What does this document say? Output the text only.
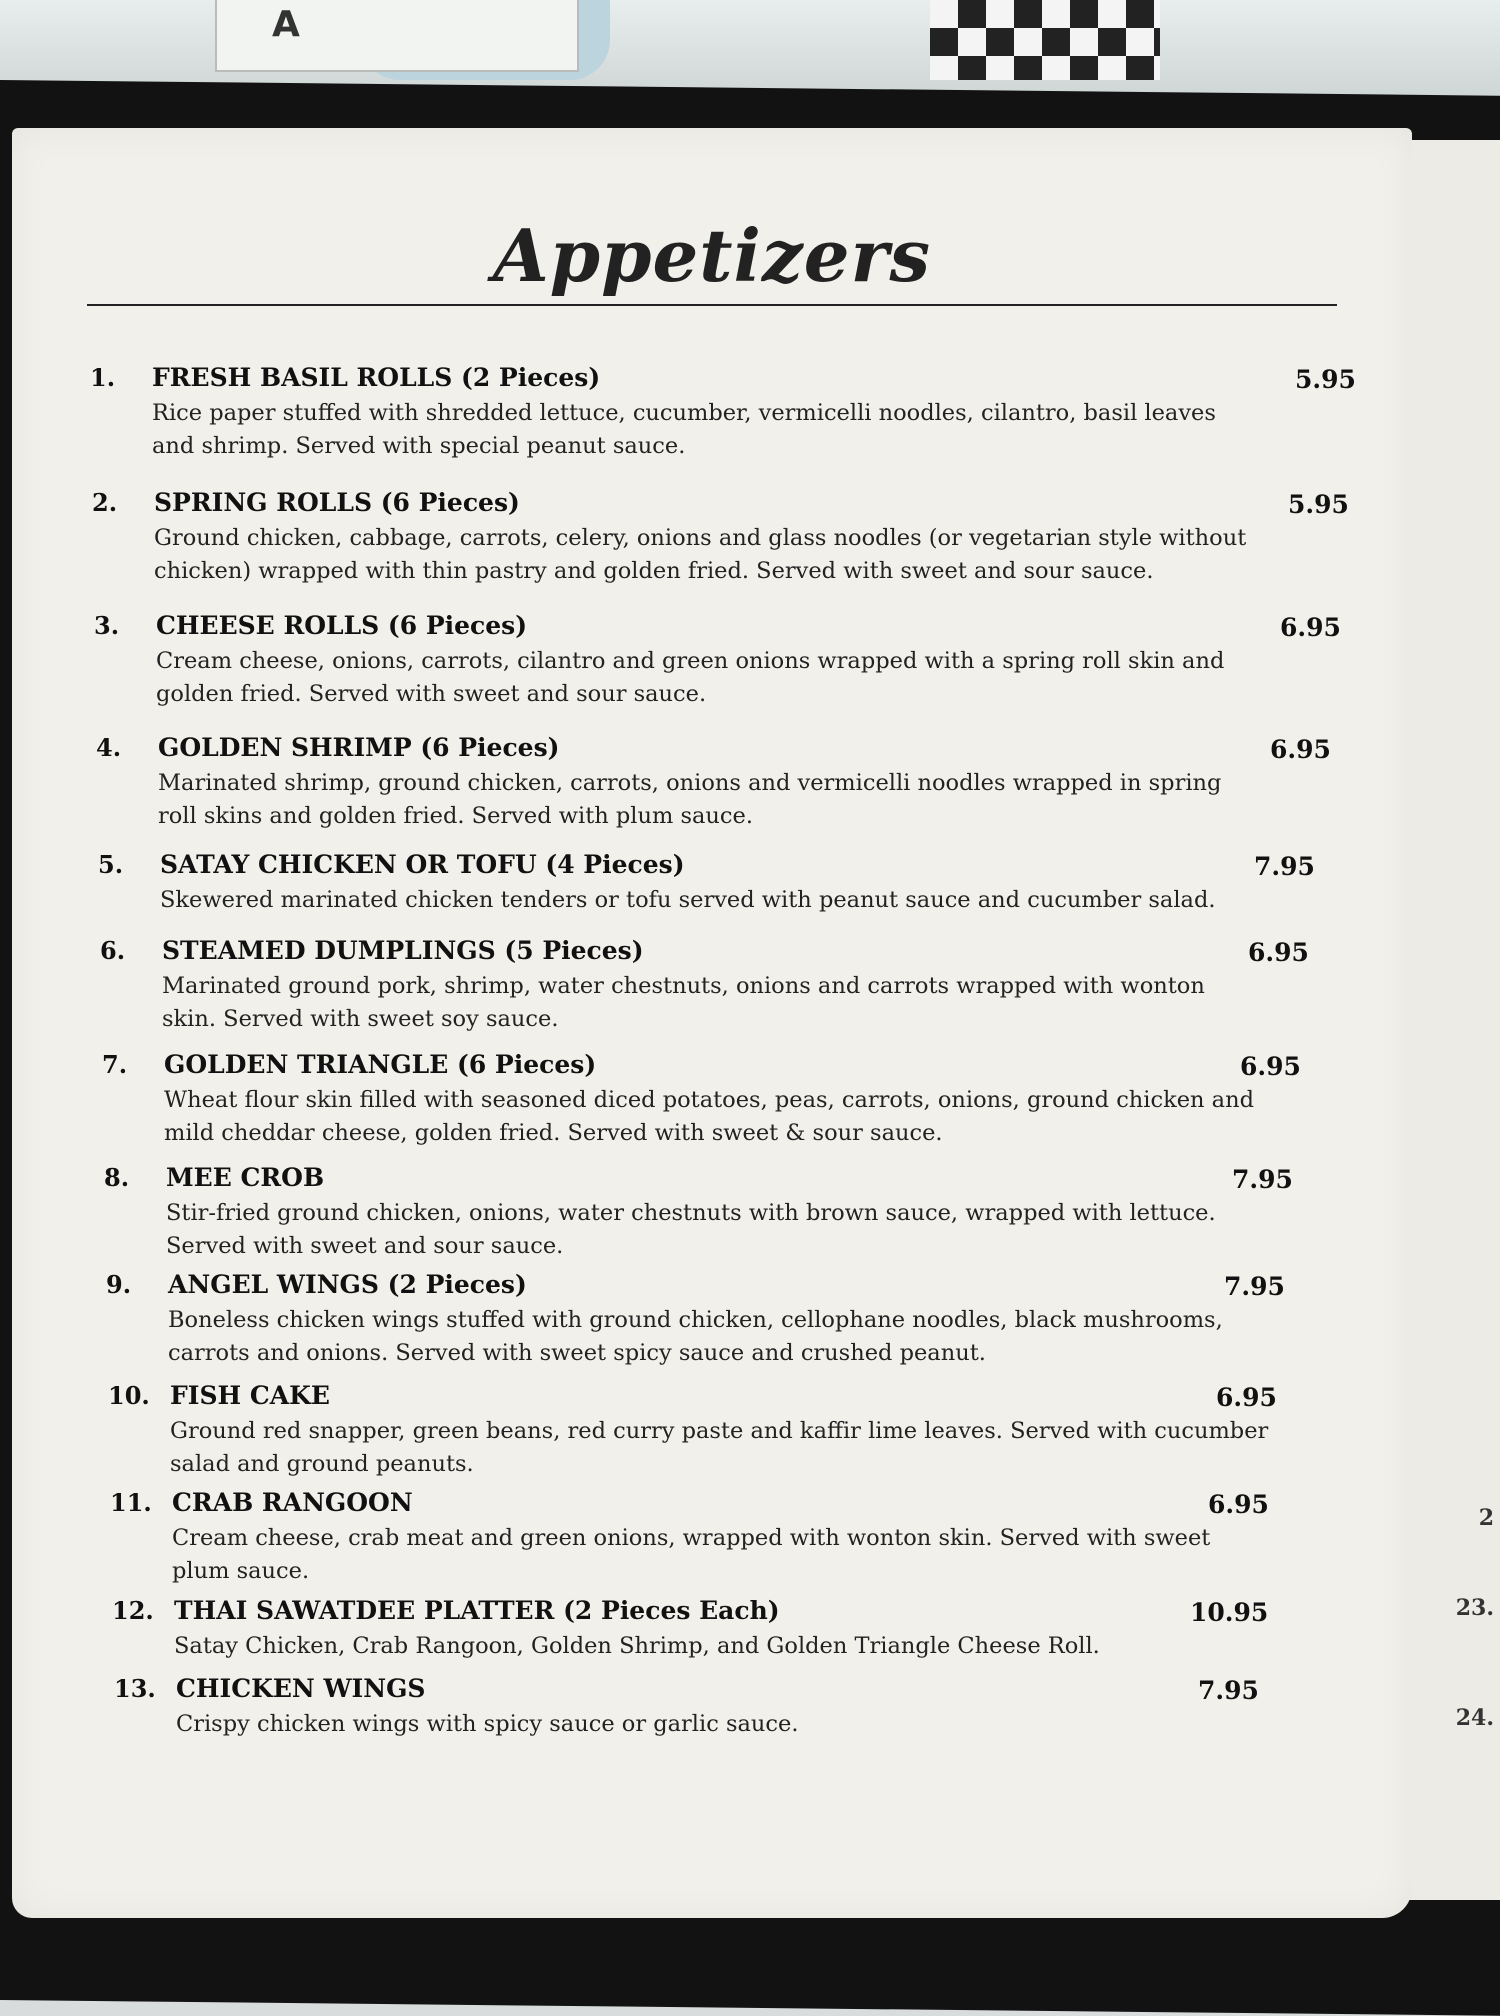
A
2
23.
24.
Appetizers
1. FRESH BASIL ROLLS (2 Pieces)
Rice paper stuffed with shredded lettuce, cucumber, vermicelli noodles, cilantro, basil leaves and shrimp. Served with special peanut sauce.
5.95
2. SPRING ROLLS (6 Pieces)
Ground chicken, cabbage, carrots, celery, onions and glass noodles (or vegetarian style without chicken) wrapped with thin pastry and golden fried. Served with sweet and sour sauce.
5.95
3. CHEESE ROLLS (6 Pieces)
Cream cheese, onions, carrots, cilantro and green onions wrapped with a spring roll skin and golden fried. Served with sweet and sour sauce.
6.95
4. GOLDEN SHRIMP (6 Pieces)
Marinated shrimp, ground chicken, carrots, onions and vermicelli noodles wrapped in spring roll skins and golden fried. Served with plum sauce.
6.95
5. SATAY CHICKEN OR TOFU (4 Pieces)
Skewered marinated chicken tenders or tofu served with peanut sauce and cucumber salad.
7.95
6. STEAMED DUMPLINGS (5 Pieces)
Marinated ground pork, shrimp, water chestnuts, onions and carrots wrapped with wonton skin. Served with sweet soy sauce.
6.95
7. GOLDEN TRIANGLE (6 Pieces)
Wheat flour skin filled with seasoned diced potatoes, peas, carrots, onions, ground chicken and mild cheddar cheese, golden fried. Served with sweet & sour sauce.
6.95
8. MEE CROB
Stir-fried ground chicken, onions, water chestnuts with brown sauce, wrapped with lettuce. Served with sweet and sour sauce.
7.95
9. ANGEL WINGS (2 Pieces)
Boneless chicken wings stuffed with ground chicken, cellophane noodles, black mushrooms, carrots and onions. Served with sweet spicy sauce and crushed peanut.
7.95
10. FISH CAKE
Ground red snapper, green beans, red curry paste and kaffir lime leaves. Served with cucumber salad and ground peanuts.
6.95
11. CRAB RANGOON
Cream cheese, crab meat and green onions, wrapped with wonton skin. Served with sweet plum sauce.
6.95
12. THAI SAWATDEE PLATTER (2 Pieces Each)
Satay Chicken, Crab Rangoon, Golden Shrimp, and Golden Triangle Cheese Roll.
10.95
13. CHICKEN WINGS
Crispy chicken wings with spicy sauce or garlic sauce.
7.95
